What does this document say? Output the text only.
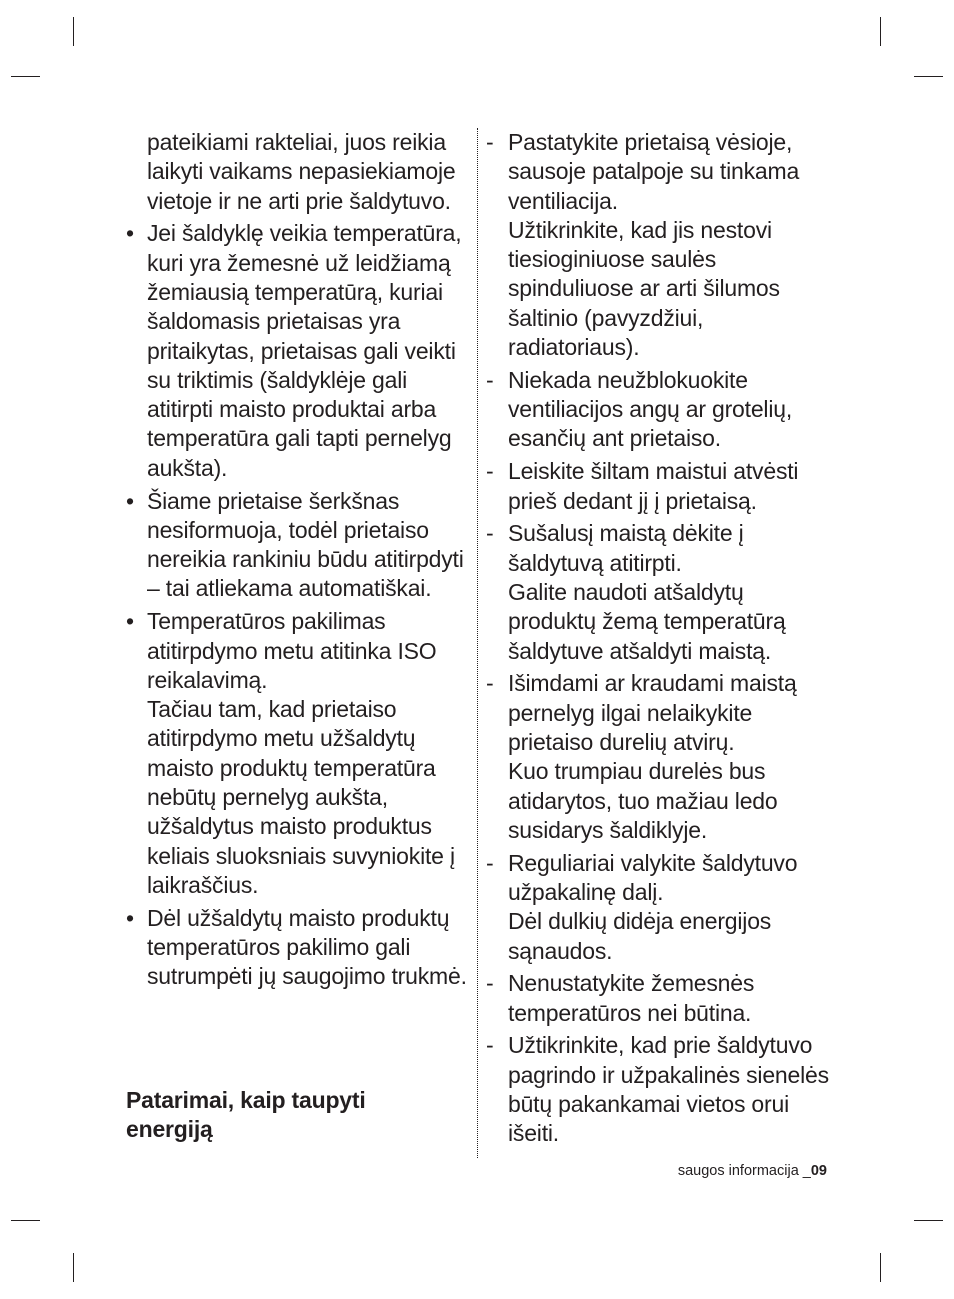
pateikiami rakteliai, juos reikia laikyti vaikams nepasiekiamoje vietoje ir ne arti prie šaldytuvo.

• Jei šaldyklę veikia temperatūra, kuri yra žemesnė už leidžiamą žemiausią temperatūrą, kuriai šaldomasis prietaisas yra pritaikytas, prietaisas gali veikti su triktimis (šaldyklėje gali atitirpti maisto produktai arba temperatūra gali tapti pernelyg aukšta).

• Šiame prietaise šerkšnas nesiformuoja, todėl prietaiso nereikia rankiniu būdu atitirpdyti – tai atliekama automatiškai.

• Temperatūros pakilimas atitirpdymo metu atitinka ISO reikalavimą.

Tačiau tam, kad prietaiso atitirpdymo metu užšaldytų maisto produktų temperatūra nebūtų pernelyg aukšta, užšaldytus maisto produktus keliais sluoksniais suvyniokite į laikraščius.

• Dėl užšaldytų maisto produktų temperatūros pakilimo gali sutrumpėti jų saugojimo trukmė.

Patarimai, kaip taupyti energiją
- Pastatykite prietaisą vėsioje, sausoje patalpoje su tinkama ventiliacija.

Užtikrinkite, kad jis nestovi tiesioginiuose saulės spinduliuose ar arti šilumos šaltinio (pavyzdžiui, radiatoriaus).

- Niekada neužblokuokite ventiliacijos angų ar grotelių, esančių ant prietaiso.

- Leiskite šiltam maistui atvėsti prieš dedant jį į prietaisą.

- Sušalusį maistą dėkite į šaldytuvą atitirpti.

Galite naudoti atšaldytų produktų žemą temperatūrą šaldytuve atšaldyti maistą.

- Išimdami ar kraudami maistą pernelyg ilgai nelaikykite prietaiso durelių atvirų.

Kuo trumpiau durelės bus atidarytos, tuo mažiau ledo susidarys šaldiklyje.

- Reguliariai valykite šaldytuvo užpakalinę dalį.

Dėl dulkių didėja energijos sąnaudos.

- Nenustatykite žemesnės temperatūros nei būtina.

- Užtikrinkite, kad prie šaldytuvo pagrindo ir užpakalinės sienelės būtų pakankamai vietos orui išeiti.

saugos informacija _09
